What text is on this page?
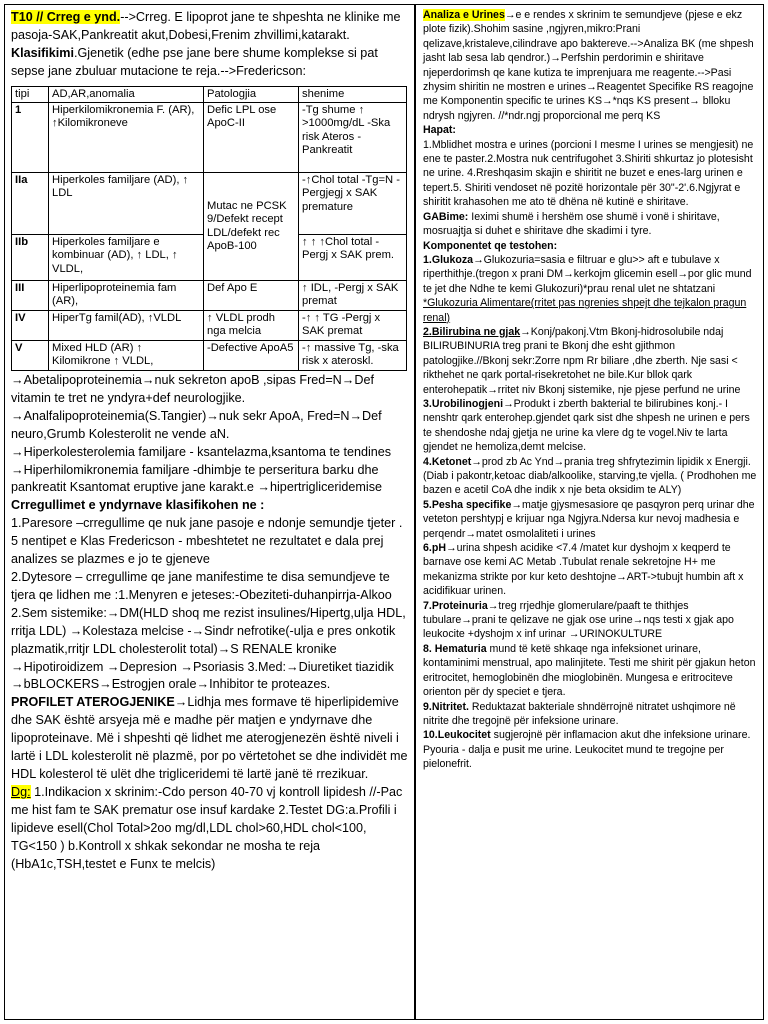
T10 // Crreg e ynd.-->Crreg. E lipoprot jane te shpeshta ne klinike me pasoja-SAK,Pankreatit akut,Dobesi,Frenim zhvillimi,katarakt.

Klasifikimi.Gjenetik (edhe pse jane bere shume komplekse si pat sepse jane zbuluar mutacione te reja.-->Fredericson:

tipi	AD,AR,anomalia	Patologjia	shenime
1	Hiperkilomikronemia F. (AR), ↑Kilomikroneve	Defic LPL ose ApoC-II	-Tg shume ↑ >1000mg/dL -Ska risk Ateros -Pankreatit
IIa	Hiperkoles familjare (AD), ↑ LDL	Mutac ne PCSK 9/Defekt recept LDL/defekt rec ApoB-100	-↑Chol total -Tg=N -Pergjegj x SAK premature
IIb	Hiperkoles familjare e kombinuar (AD), ↑ LDL, ↑ VLDL,		↑ ↑ ↑Chol total -Pergj x SAK prem.
III	Hiperlipoproteinemia fam (AR),	Def Apo E	↑ IDL, -Pergj x SAK premat
IV	HiperTg famil(AD), ↑VLDL	↑ VLDL prodh nga melcia	-↑ ↑ TG -Pergj x SAK premat
V	Mixed HLD (AR) ↑ Kilomikrone ↑ VLDL,	-Defective ApoA5	-↑ massive Tg, -ska risk x ateroskl.

→Abetalipoproteinemia→nuk sekreton apoB ,sipas Fred=N→Def vitamin te tret ne yndyra+def neurologjike.

→Analfalipoproteinemia(S.Tangier)→nuk sekr ApoA, Fred=N→Def neuro,Grumb Kolesterolit ne vende aN.

→Hiperkolesterolemia familjare - ksantelazma,ksantoma te tendines

→Hiperhilomikronemia familjare -dhimbje te perseritura barku dhe pankreatit Ksantomat eruptive jane karakt.e →hipertrigliceridemise

Crregullimet e yndyrnave klasifikohen ne :

1.Paresore –crregullime qe nuk jane pasoje e ndonje semundje tjeter . 5 nentipet e Klas Fredericson - mbeshtetet ne rezultatet e dala prej analizes se plazmes e jo te gjeneve

2.Dytesore – crregullime qe jane manifestime te disa semundjeve te tjera qe lidhen me :1.Menyren e jeteses:-Obeziteti-duhanpirrja-Alkoo

2.Sem sistemike:→DM(HLD shoq me rezist insulines/Hipertg,ulja HDL, rritja LDL) →Kolestaza melcise -→Sindr nefrotike(-ulja e pres onkotik plazmatik,rritjr LDL cholesterolit total)→S RENALE kronike →Hipotiroidizem →Depresion →Psoriasis 3.Med:→Diuretiket tiazidik →bBLOCKERS→Estrogjen orale→Inhibitor te proteazes.

PROFILET ATEROGJENIKE→Lidhja mes formave të hiperlipidemive dhe SAK është arsyeja më e madhe për matjen e yndyrnave dhe lipoproteinave. Më i shpeshti që lidhet me aterogjenezën është niveli i lartë i LDL kolesterolit në plazmë, por po vërtetohet se dhe individët me HDL kolesterol të ulët dhe trigliceridemi të lartë janë të rrezikuar.

Dg: 1.Indikacion x skrinim:-Cdo person 40-70 vj kontroll lipidesh //-Pac me hist fam te SAK prematur ose insuf kardake 2.Testet DG:a.Profili i lipideve esell(Chol Total>2oo mg/dl,LDL chol>60,HDL chol<100, TG<150 ) b.Kontroll x shkak sekondar ne mosha te reja (HbA1c,TSH,testet e Funx te melcis)

Analiza e Urines→e e rendes x skrinim te semundjeve (pjese e ekz plote fizik).Shohim sasine ,ngjyren,mikro:Prani qelizave,kristaleve,cilindrave apo baktereve.-->Analiza BK (me shpesh jasht lab sesa lab qendror.)→Perfshin perdorimin e shiritave njeperdorimsh qe kane kutiza te imprenjuara me reagente.-->Pasi zhysim shiritin ne mostren e urines→Reagentet Specifike RS reagojne me Komponentin specific te urines KS→*nqs KS present→ blloku ndrysh ngjyren. //*ndr.ngj proporcional me perq KS

Hapat:

1.Mblidhet mostra e urines (porcioni I mesme I urines se mengjesit) ne ene te paster.2.Mostra nuk centrifugohet 3.Shiriti shkurtaz jo plotesisht ne urine. 4.Rreshqasim skajin e shiritit ne buzet e enes-larg urinen e tepert.5. Shiriti vendoset në pozitë horizontale për 30"-2'.6.Ngjyrat e shiritit krahasohen me ato të dhëna në kutinë e shiritave.

GABime: Ieximi shumë i hershëm ose shumë i vonë i shiritave, mosruajtja si duhet e shiritave dhe skadimi i tyre.

Komponentet qe testohen:

1.Glukoza→Glukozuria=sasia e filtruar e glu>> aft e tubulave x riperthithje.(tregon x prani DM→kerkojm glicemin esell→por glic mund te jet dhe Ndhe te kemi Glukozuri)*prau renal ulet ne shtatzani *Glukozuria Alimentare(rritet pas ngrenies shpejt dhe tejkalon pragun renal)

2.Bilirubina ne gjak→Konj/pakonj.Vtm Bkonj-hidrosolubile ndaj BILIRUBINURIA treg prani te Bkonj dhe esht gjithmon patologjike.//Bkonj sekr:Zorre npm Rr biliare ,dhe zberth. Nje sasi < rikthehet ne qark portal-risekretohet ne bile.Kur bllok qark enterohepatik→rritet niv Bkonj sistemike, nje pjese perfund ne urine

3.Urobilinogjeni→Produkt i zberth bakterial te bilirubines konj.- I nenshtr qark enterohep.gjendet qark sist dhe shpesh ne urinen e pers te shendoshe ndaj gjetja ne urine ka vlere dg te vogel.Niv te larta gjendet ne hemoliza,demt melcise.

4.Ketonet→prod zb Ac Ynd→prania treg shfrytezimin lipidik x Energji.(Diab i pakontr,ketoac diab/alkoolike, starving,te vjella. ( Prodhohen me bazen e acetil CoA dhe indik x nje beta oksidim te ALY)

5.Pesha specifike→matje gjysmesasiore qe pasqyron perq urinar dhe veteton pershtypj e krijuar nga Ngjyra.Ndersa kur nevoj madhesia e perqendr→matet osmolaliteti i urines

6.pH→urina shpesh acidike <7.4 /matet kur dyshojm x keqperd te barnave ose kemi AC Metab .Tubulat renale sekretojne H+ me mekanizma strikte por kur keto deshtojne→ART->tubujt humbin aft x acidifikuar urinen.

7.Proteinuria→treg rrjedhje glomerulare/paaft te thithjes tubulare→prani te qelizave ne gjak ose urine→nqs testi x gjak apo leukocite +dyshojm x inf urinar →URINOKULTURE

8. Hematuria mund të ketë shkaqe nga infeksionet urinare, kontaminimi menstrual, apo malinjitete. Testi me shirit për gjakun heton eritrocitet, hemoglobinën dhe mioglobinën. Mungesa e eritrociteve orienton për dy speciet e tjera.

9.Nitritet. Reduktazat bakteriale shndërrojnë nitratet ushqimore në nitrite dhe tregojnë për infeksione urinare.

10.Leukocitet sugjerojnë për inflamacion akut dhe infeksione urinare. Pyouria - dalja e pusit me urine. Leukocitet mund te tregojne per pielonefrit.
